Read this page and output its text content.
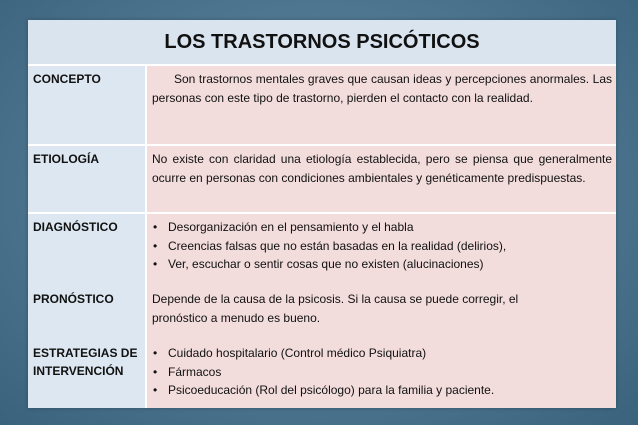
LOS TRASTORNOS PSICÓTICOS
CONCEPTO	Son trastornos mentales graves que causan ideas y percepciones anormales. Las personas con este tipo de trastorno, pierden el contacto con la realidad.
ETIOLOGÍA	No existe con claridad una etiología establecida, pero se piensa que generalmente ocurre en personas con condiciones ambientales y genéticamente predispuestas.
DIAGNÓSTICO
PRONÓSTICO
• Desorganización en el pensamiento y el habla
• Creencias falsas que no están basadas en la realidad (delirios),
• Ver, escuchar o sentir cosas que no existen (alucinaciones)
Depende de la causa de la psicosis. Si la causa se puede corregir, el pronóstico a menudo es bueno.
ESTRATEGIAS DE
INTERVENCIÓN
• Cuidado hospitalario (Control médico Psiquiatra)
• Fármacos
• Psicoeducación (Rol del psicólogo) para la familia y paciente.
